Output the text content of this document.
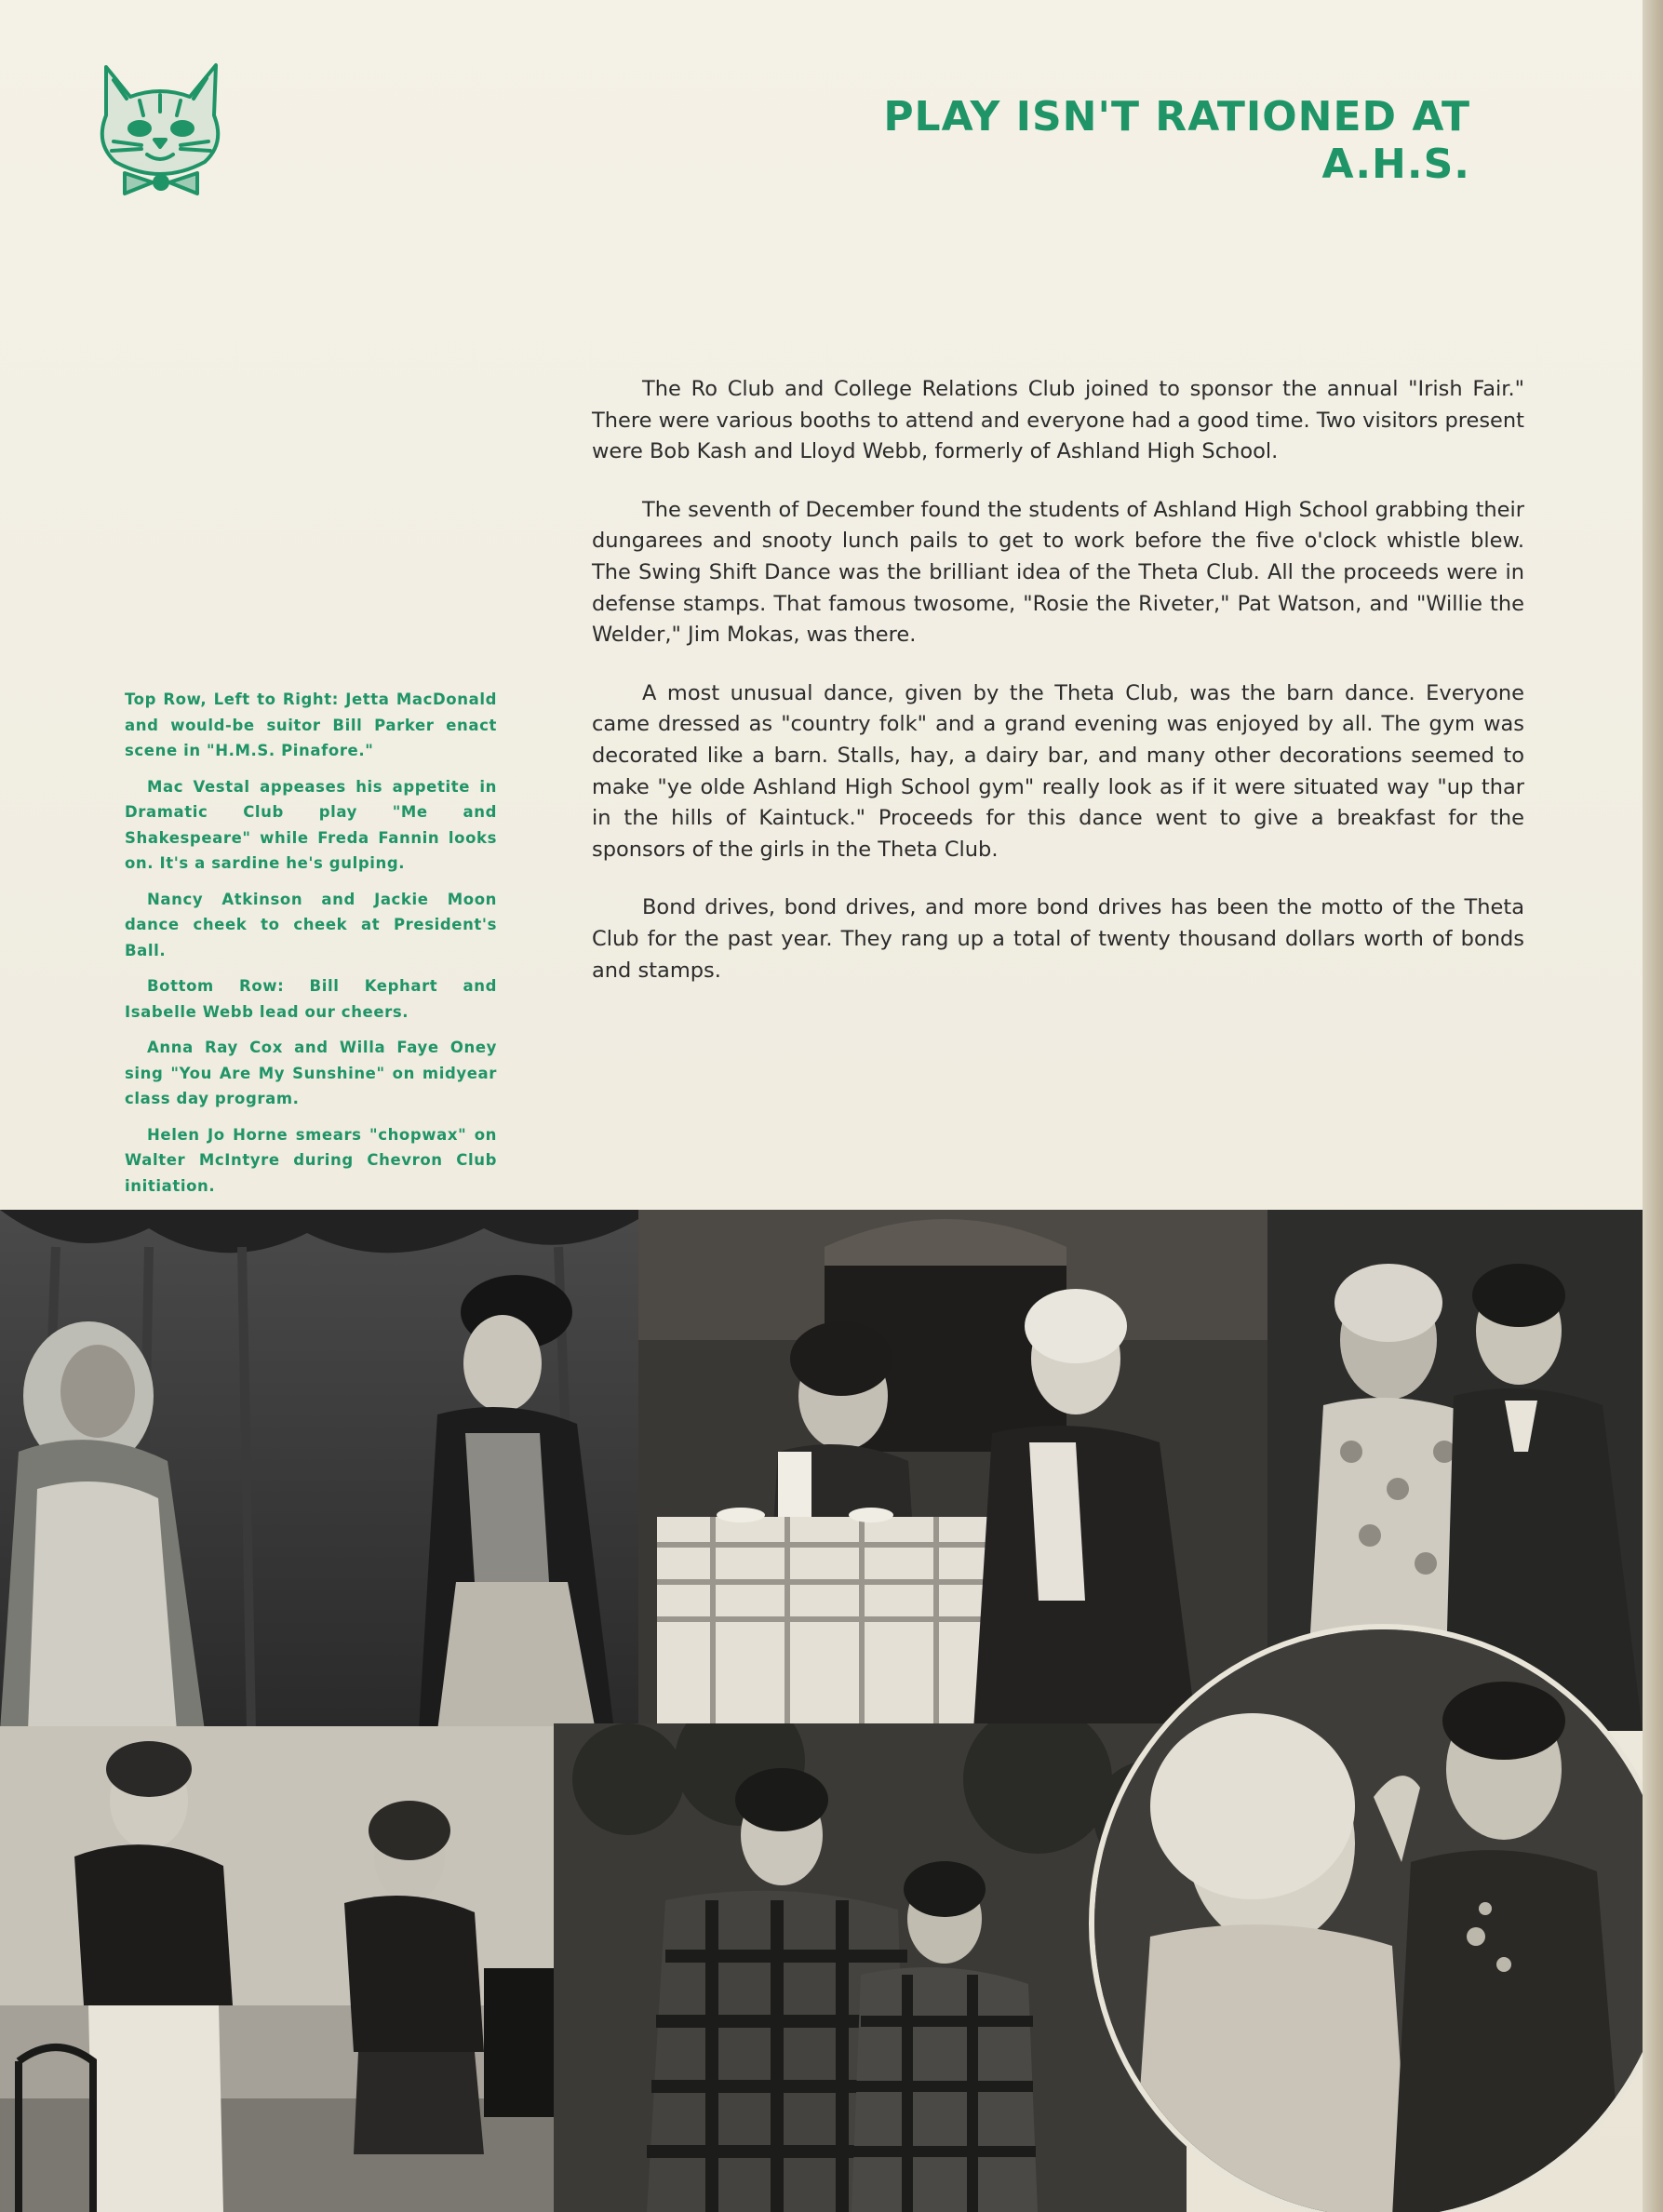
PLAY ISN'T RATIONED AT A.H.S.

The Ro Club and College Relations Club joined to sponsor the annual "Irish Fair." There were various booths to attend and everyone had a good time. Two visitors present were Bob Kash and Lloyd Webb, formerly of Ashland High School.

The seventh of December found the students of Ashland High School grabbing their dungarees and snooty lunch pails to get to work before the five o'clock whistle blew. The Swing Shift Dance was the brilliant idea of the Theta Club. All the proceeds were in defense stamps. That famous twosome, "Rosie the Riveter," Pat Watson, and "Willie the Welder," Jim Mokas, was there.

A most unusual dance, given by the Theta Club, was the barn dance. Everyone came dressed as "country folk" and a grand evening was enjoyed by all. The gym was decorated like a barn. Stalls, hay, a dairy bar, and many other decorations seemed to make "ye olde Ashland High School gym" really look as if it were situated way "up thar in the hills of Kaintuck." Proceeds for this dance went to give a breakfast for the sponsors of the girls in the Theta Club.

Bond drives, bond drives, and more bond drives has been the motto of the Theta Club for the past year. They rang up a total of twenty thousand dollars worth of bonds and stamps.

Top Row, Left to Right: Jetta MacDonald and would-be suitor Bill Parker enact scene in "H.M.S. Pinafore."

Mac Vestal appeases his appetite in Dramatic Club play "Me and Shakespeare" while Freda Fannin looks on. It's a sardine he's gulping.

Nancy Atkinson and Jackie Moon dance cheek to cheek at President's Ball.

Bottom Row: Bill Kephart and Isabelle Webb lead our cheers.

Anna Ray Cox and Willa Faye Oney sing "You Are My Sunshine" on midyear class day program.

Helen Jo Horne smears "chopwax" on Walter McIntyre during Chevron Club initiation.
